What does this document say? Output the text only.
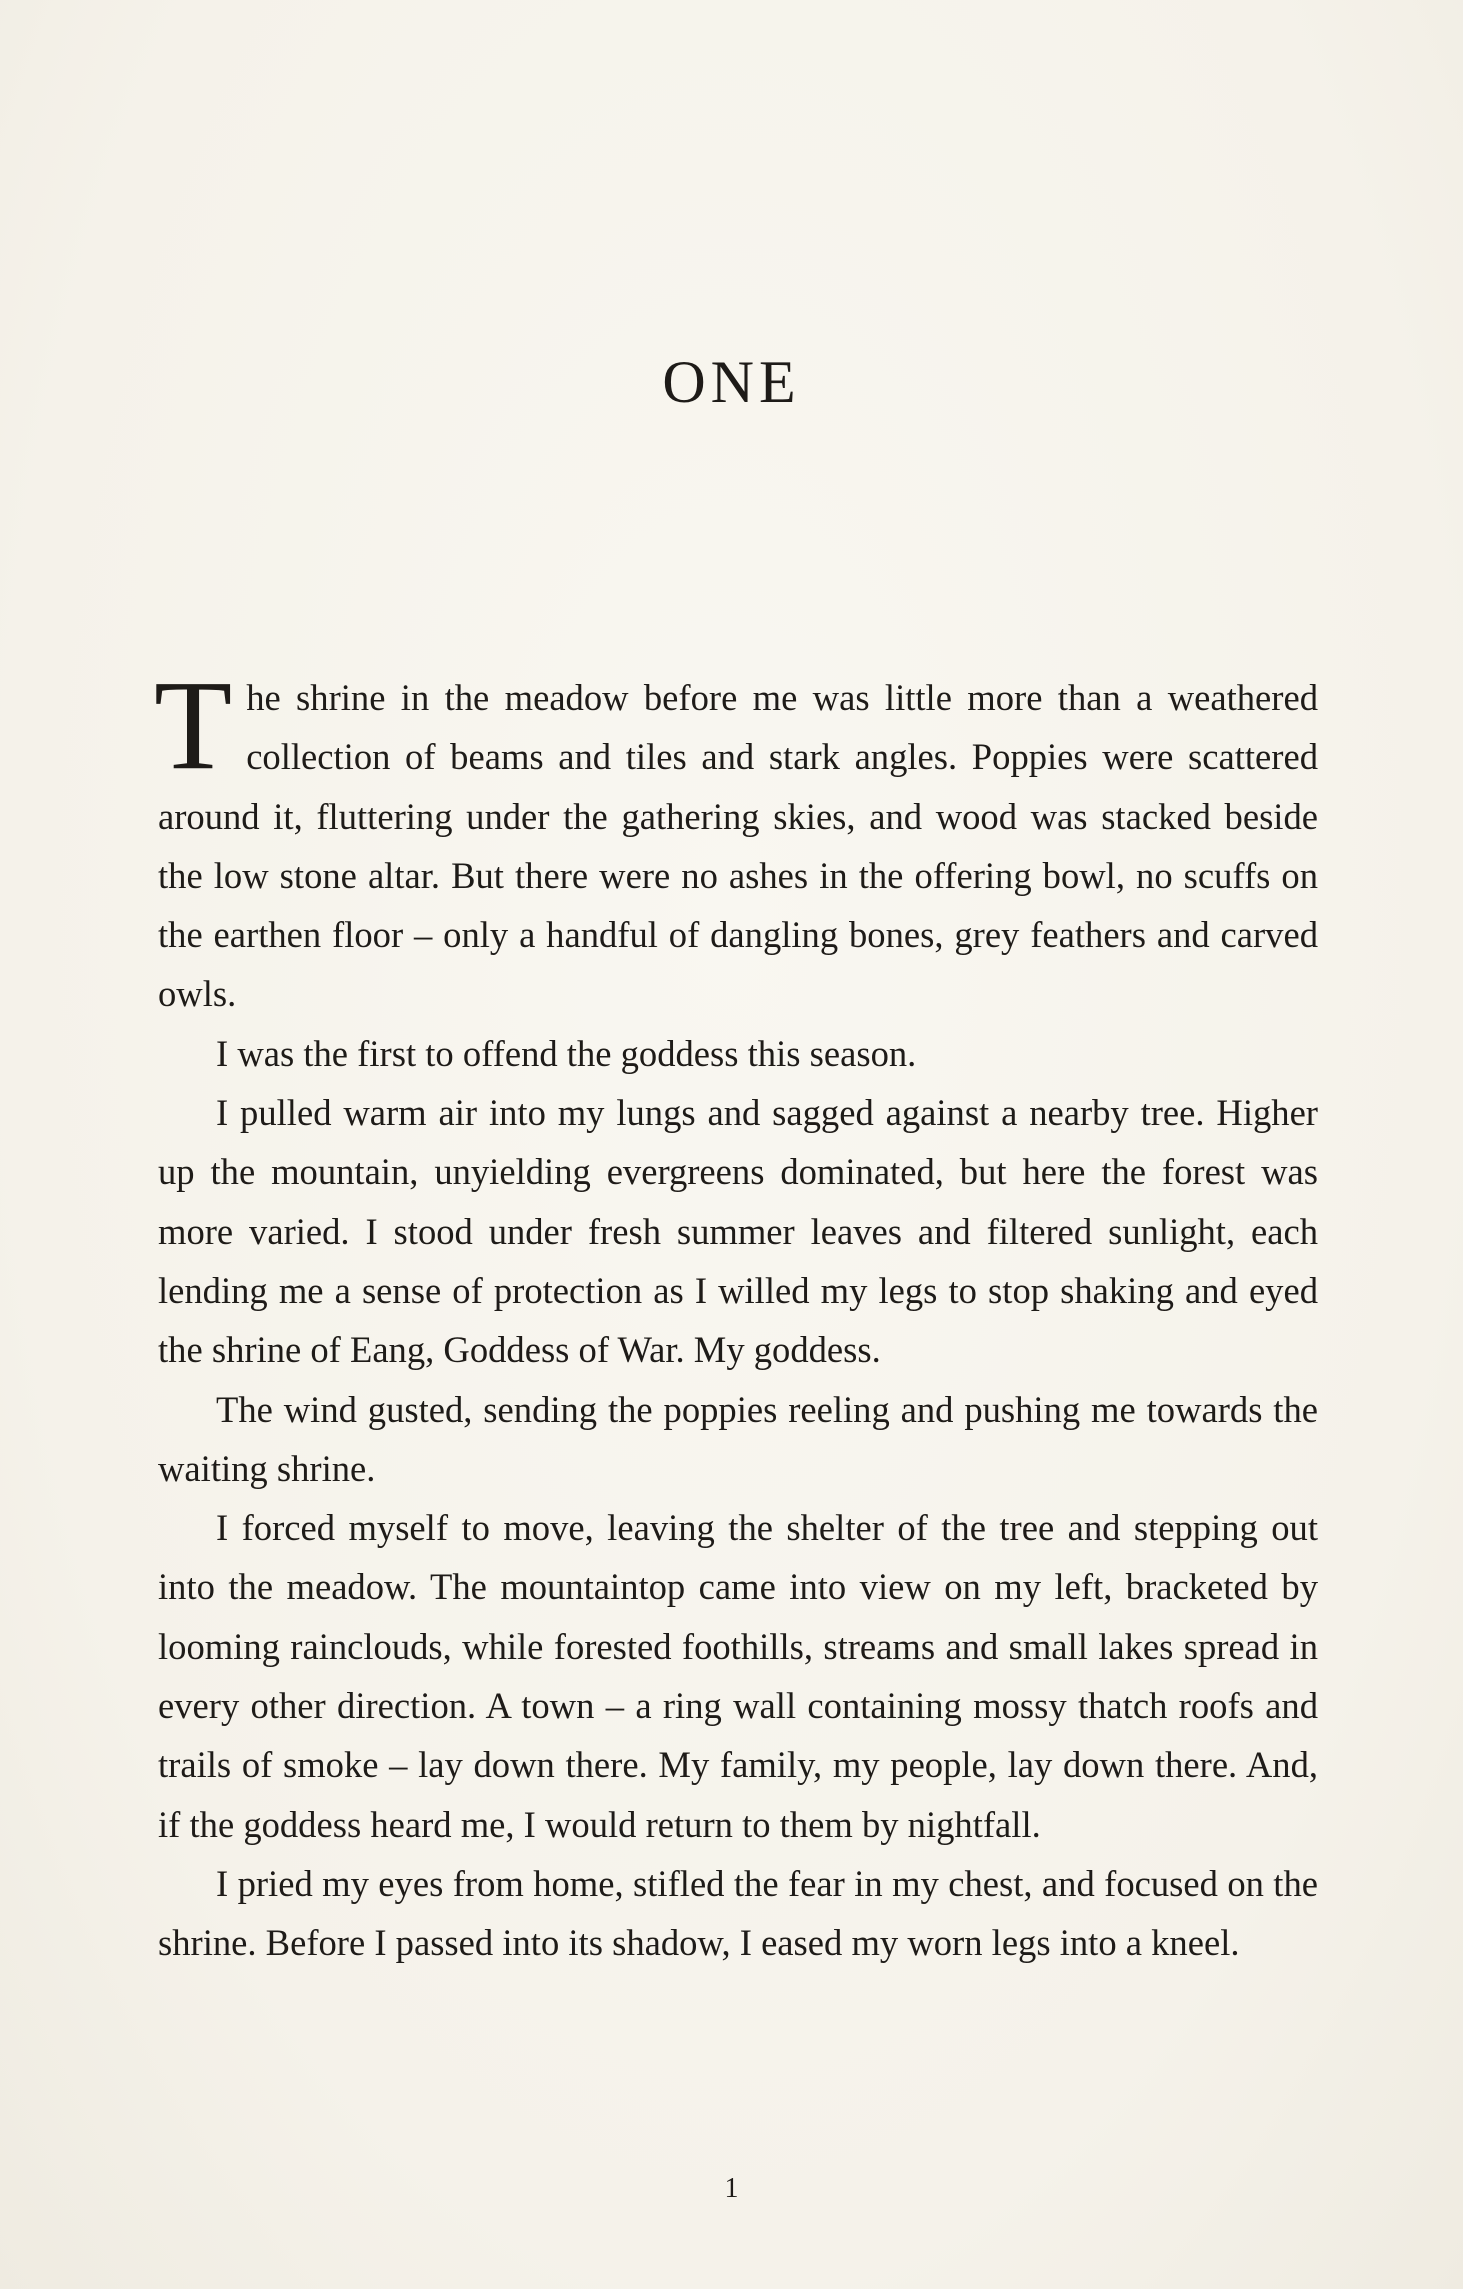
ONE

The shrine in the meadow before me was little more than a weathered collection of beams and tiles and stark angles. Poppies were scattered around it, fluttering under the gathering skies, and wood was stacked beside the low stone altar. But there were no ashes in the offering bowl, no scuffs on the earthen floor – only a handful of dangling bones, grey feathers and carved owls.

I was the first to offend the goddess this season.

I pulled warm air into my lungs and sagged against a nearby tree. Higher up the mountain, unyielding evergreens dominated, but here the forest was more varied. I stood under fresh summer leaves and filtered sunlight, each lending me a sense of protection as I willed my legs to stop shaking and eyed the shrine of Eang, Goddess of War. My goddess.

The wind gusted, sending the poppies reeling and pushing me towards the waiting shrine.

I forced myself to move, leaving the shelter of the tree and stepping out into the meadow. The mountaintop came into view on my left, bracketed by looming rainclouds, while forested foothills, streams and small lakes spread in every other direction. A town – a ring wall containing mossy thatch roofs and trails of smoke – lay down there. My family, my people, lay down there. And, if the goddess heard me, I would return to them by nightfall.

I pried my eyes from home, stifled the fear in my chest, and focused on the shrine. Before I passed into its shadow, I eased my worn legs into a kneel.

1
